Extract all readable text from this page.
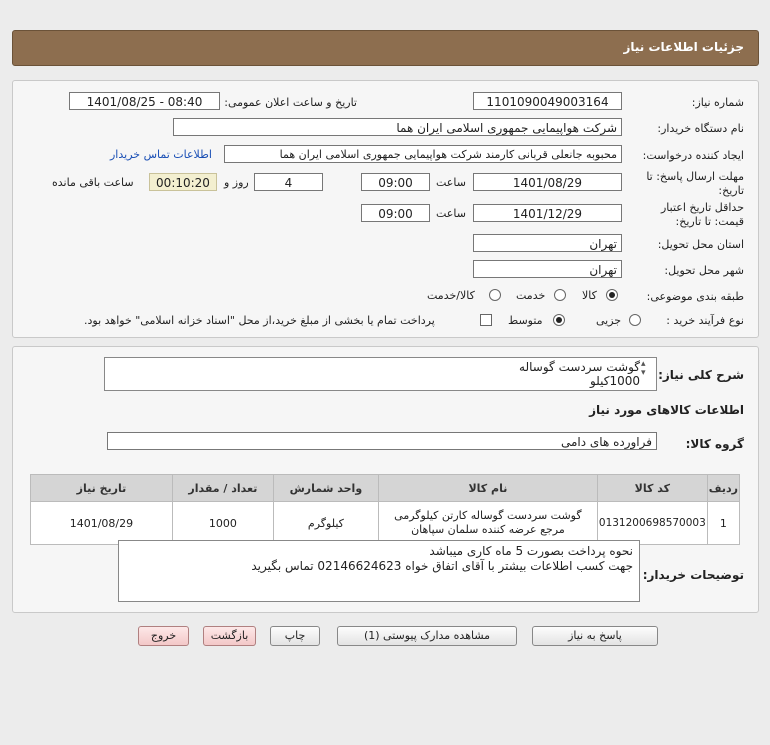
جزئیات اطلاعات نیاز
شماره نیاز:
1101090049003164
تاریخ و ساعت اعلان عمومی:
1401/08/25 - 08:40
نام دستگاه خریدار:
شرکت هواپیمایی جمهوری اسلامی ایران هما
ایجاد کننده درخواست:
محبوبه جانعلی قربانی کارمند شرکت هواپیمایی جمهوری اسلامی ایران هما
اطلاعات تماس خریدار
مهلت ارسال پاسخ: تا
تاریخ:
1401/08/29
ساعت
09:00
4
روز و
00:10:20
ساعت باقی مانده
حداقل تاریخ اعتبار
قیمت: تا تاریخ:
1401/12/29
ساعت
09:00
استان محل تحویل:
تهران
شهر محل تحویل:
تهران
طبقه بندی موضوعی:
کالا
خدمت
کالا/خدمت
نوع فرآیند خرید :
جزیی
متوسط
پرداخت تمام یا بخشی از مبلغ خرید،از محل "اسناد خزانه اسلامی" خواهد بود.
شرح کلی نیاز:
گوشت سردست گوساله
1000کیلو
▴
▾
اطلاعات کالاهای مورد نیاز
گروه کالا:
فراورده های دامی
ردیف	کد کالا	نام کالا	واحد شمارش	تعداد / مقدار	تاریخ نیاز
1	0131200698570003	گوشت سردست گوساله کارتن کیلوگرمی مرجع عرضه کننده سلمان سپاهان	کیلوگرم	1000	1401/08/29
توضیحات خریدار:
نحوه پرداخت بصورت 5 ماه کاری میباشد
جهت کسب اطلاعات بیشتر با آقای اتفاق خواه 02146624623 تماس بگیرید
پاسخ به نیاز
مشاهده مدارک پیوستی (1)
چاپ
بازگشت
خروج
